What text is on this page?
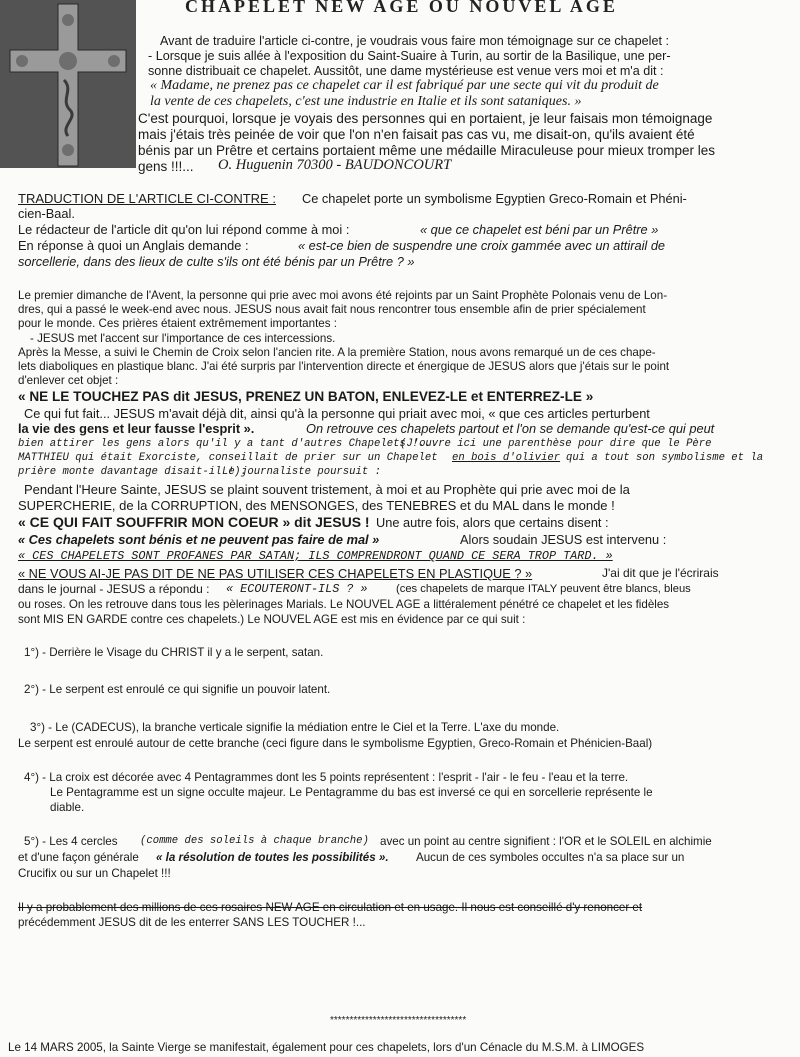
CHAPELET NEW AGE OU NOUVEL AGE
Avant de traduire l'article ci-contre, je voudrais vous faire mon témoignage sur ce chapelet :
- Lorsque je suis allée à l'exposition du Saint-Suaire à Turin, au sortir de la Basilique, une per-
sonne distribuait ce chapelet. Aussitôt, une dame mystérieuse est venue vers moi et m'a dit :
« Madame, ne prenez pas ce chapelet car il est fabriqué par une secte qui vit du produit de
la vente de ces chapelets, c'est une industrie en Italie et ils sont sataniques. »
C'est pourquoi, lorsque je voyais des personnes qui en portaient, je leur faisais mon témoignage
mais j'étais très peinée de voir que l'on n'en faisait pas cas vu, me disait-on, qu'ils avaient été
bénis par un Prêtre et certains portaient même une médaille Miraculeuse pour mieux tromper les
gens !!!... O. Huguenin 70300 - BAUDONCOURT
TRADUCTION DE L'ARTICLE CI-CONTRE : Ce chapelet porte un symbolisme Egyptien Greco-Romain et Phéni-
cien-Baal.
Le rédacteur de l'article dit qu'on lui répond comme à moi :	« que ce chapelet est béni par un Prêtre »
En réponse à quoi un Anglais demande :	« est-ce bien de suspendre une croix gammée avec un attirail de
sorcellerie, dans des lieux de culte s'ils ont été bénis par un Prêtre ? »
Le premier dimanche de l'Avent, la personne qui prie avec moi avons été rejoints par un Saint Prophète Polonais venu de Lon-
dres, qui a passé le week-end avec nous. JESUS nous avait fait nous rencontrer tous ensemble afin de prier spécialement
pour le monde. Ces prières étaient extrêmement importantes :
- JESUS met l'accent sur l'importance de ces intercessions.
Après la Messe, a suivi le Chemin de Croix selon l'ancien rite. A la première Station, nous avons remarqué un de ces chape-
lets diaboliques en plastique blanc. J'ai été surpris par l'intervention directe et énergique de JESUS alors que j'étais sur le point
d'enlever cet objet :
« NE LE TOUCHEZ PAS dit JESUS, PRENEZ UN BATON, ENLEVEZ-LE et ENTERREZ-LE »
Ce qui fut fait... JESUS m'avait déjà dit, ainsi qu'à la personne qui priait avec moi, « que ces articles perturbent
la vie des gens et leur fausse l'esprit ».	On retrouve ces chapelets partout et l'on se demande qu'est-ce qui peut
bien attirer les gens alors qu'il y a tant d'autres Chapelets !...
(J'ouvre ici une parenthèse pour dire que le Père
MATTHIEU qui était Exorciste, conseillait de prier sur un Chapelet en bois d'olivier qui a tout son symbolisme et la
prière monte davantage disait-il !).
Le journaliste poursuit :
Pendant l'Heure Sainte, JESUS se plaint souvent tristement, à moi et au Prophète qui prie avec moi de la
SUPERCHERIE, de la CORRUPTION, des MENSONGES, des TENEBRES et du MAL dans le monde !
« CE QUI FAIT SOUFFRIR MON COEUR » dit JESUS ! Une autre fois, alors que certains disent :
« Ces chapelets sont bénis et ne peuvent pas faire de mal »	Alors soudain JESUS est intervenu :
« CES CHAPELETS SONT PROFANES PAR SATAN; ILS COMPRENDRONT QUAND CE SERA TROP TARD. »
« NE VOUS AI-JE PAS DIT DE NE PAS UTILISER CES CHAPELETS EN PLASTIQUE ? »	J'ai dit que je l'écrirais
dans le journal - JESUS a répondu : « ECOUTERONT-ILS ? »	(ces chapelets de marque ITALY peuvent être blancs, bleus
ou roses. On les retrouve dans tous les pèlerinages Marials. Le NOUVEL AGE a littéralement pénétré ce chapelet et les fidèles
sont MIS EN GARDE contre ces chapelets.) Le NOUVEL AGE est mis en évidence par ce qui suit :
1°) - Derrière le Visage du CHRIST il y a le serpent, satan.
2°) - Le serpent est enroulé ce qui signifie un pouvoir latent.
3°) - Le (CADECUS), la branche verticale signifie la médiation entre le Ciel et la Terre. L'axe du monde.
Le serpent est enroulé autour de cette branche (ceci figure dans le symbolisme Egyptien, Greco-Romain et Phénicien-Baal)
4°) - La croix est décorée avec 4 Pentagrammes dont les 5 points représentent : l'esprit - l'air - le feu - l'eau et la terre.
Le Pentagramme est un signe occulte majeur. Le Pentagramme du bas est inversé ce qui en sorcellerie représente le
diable.
5°) - Les 4 cercles (comme des soleils à chaque branche) avec un point au centre signifient : l'OR et le SOLEIL en alchimie
et d'une façon générale « la résolution de toutes les possibilités ». Aucun de ces symboles occultes n'a sa place sur un
Crucifix ou sur un Chapelet !!!
Il y a probablement des millions de ces rosaires NEW AGE en circulation et en usage. Il nous est conseillé d'y renoncer et
précédemment JESUS dit de les enterrer SANS LES TOUCHER !...
***********************************
Le 14 MARS 2005, la Sainte Vierge se manifestait, également pour ces chapelets, lors d'un Cénacle du M.S.M. à LIMOGES
